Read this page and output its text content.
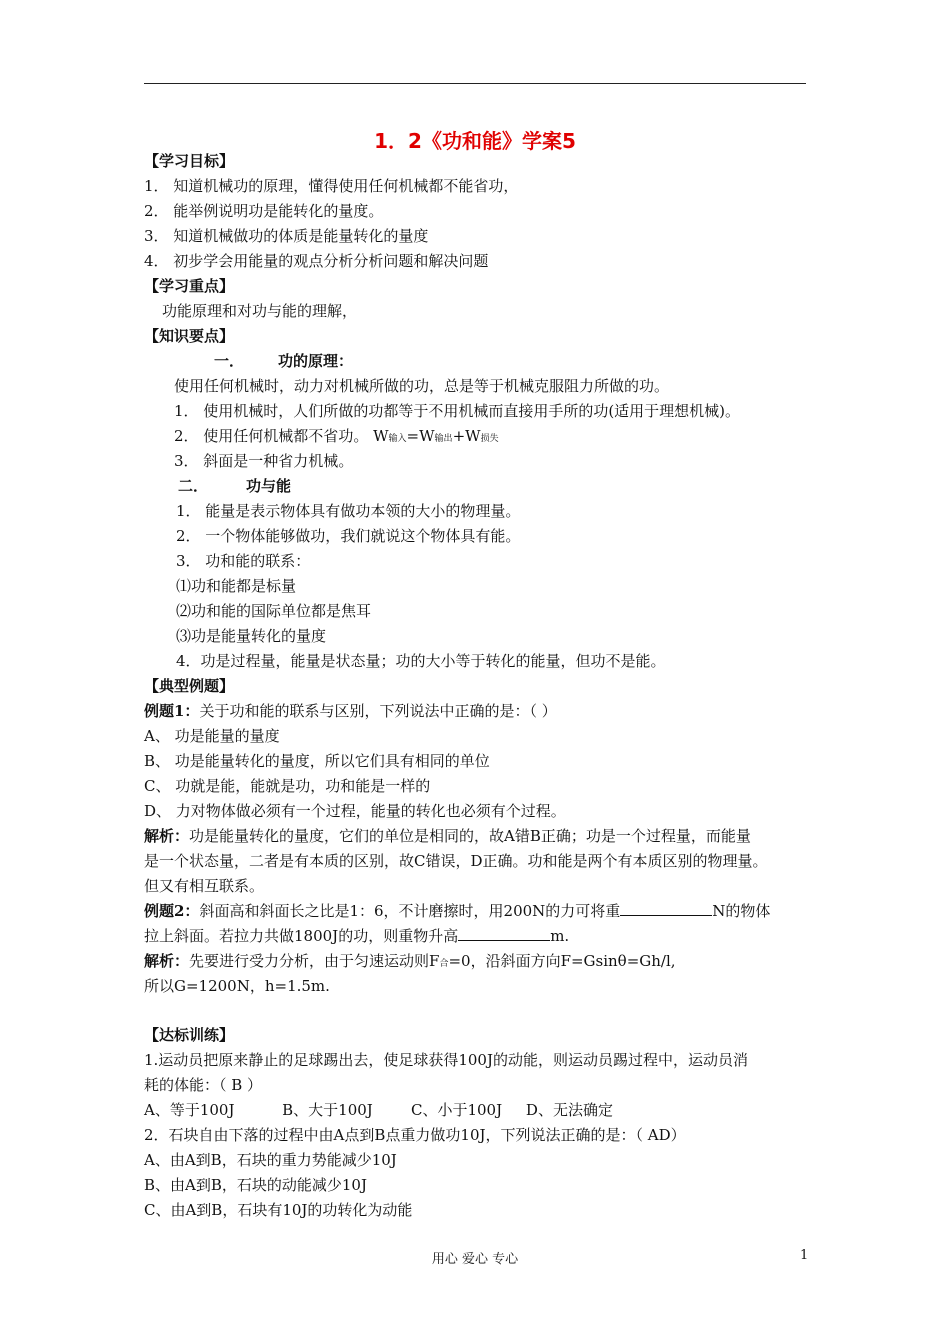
1．2《功和能》学案5
【学习目标】
1． 知道机械功的原理，懂得使用任何机械都不能省功，
2． 能举例说明功是能转化的量度。
3． 知道机械做功的体质是能量转化的量度
4． 初步学会用能量的观点分析分析问题和解决问题
【学习重点】
功能原理和对功与能的理解，
【知识要点】
一． 功的原理：
使用任何机械时，动力对机械所做的功，总是等于机械克服阻力所做的功。
1． 使用机械时，人们所做的功都等于不用机械而直接用手所的功(适用于理想机械)。
2． 使用任何机械都不省功。 W输入=W输出+W损失
3． 斜面是一种省力机械。
二．	功与能
1． 能量是表示物体具有做功本领的大小的物理量。
2． 一个物体能够做功，我们就说这个物体具有能。
3． 功和能的联系：
⑴功和能都是标量
⑵功和能的国际单位都是焦耳
⑶功是能量转化的量度
4．功是过程量，能量是状态量；功的大小等于转化的能量，但功不是能。
【典型例题】
例题1：关于功和能的联系与区别，下列说法中正确的是：（ ）
A、 功是能量的量度
B、 功是能量转化的量度，所以它们具有相同的单位
C、 功就是能，能就是功，功和能是一样的
D、 力对物体做必须有一个过程，能量的转化也必须有个过程。
解析：功是能量转化的量度，它们的单位是相同的，故A错B正确；功是一个过程量，而能量
是一个状态量，二者是有本质的区别，故C错误，D正确。功和能是两个有本质区别的物理量。
但又有相互联系。
例题2：斜面高和斜面长之比是1：6，不计磨擦时，用200N的力可将重	N的物体
拉上斜面。若拉力共做1800J的功，则重物升高	m.
解析：先要进行受力分析，由于匀速运动则F合=0，沿斜面方向F=Gsinθ=Gh/l,
所以G=1200N，h=1.5m.
【达标训练】
1.运动员把原来静止的足球踢出去，使足球获得100J的动能，则运动员踢过程中，运动员消
耗的体能：（ B ）
A、等于100J          B、大于100J        C、小于100J     D、无法确定
2．石块自由下落的过程中由A点到B点重力做功10J，下列说法正确的是：（ AD）
A、由A到B，石块的重力势能减少10J
B、由A到B，石块的动能减少10J
C、由A到B，石块有10J的功转化为动能
用心 爱心 专心	1
